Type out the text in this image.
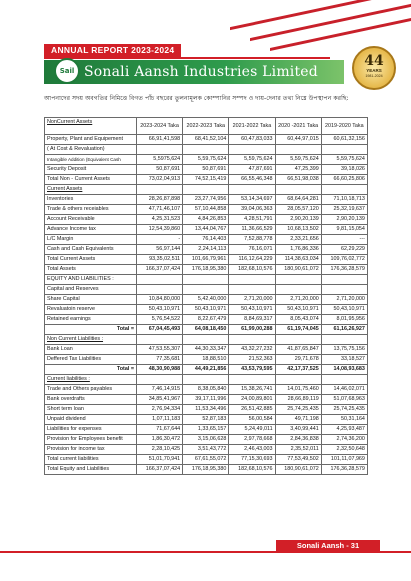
ANNUAL REPORT 2023-2024
Sail Sonali Aansh Industries Limited
44
YEARS
1981-2024

আপনাদের সদয় অবগতির নিমিত্তে বিগত পাঁচ বছরের তুলনামূলক কোম্পানির সম্পদ ও দায়-দেনার তথ্য নিম্নে উপস্থাপন করছি:

NonCurrent Assets	2023-2024 Taka	2022-2023 Taka	2021-2022 Taka	2020 -2021 Taka	2019-2020 Taka
Property, Plant and Equipement	66,91,41,598	68,41,52,104	60,47,83,033	60,44,97,015	60,61,32,156
( At Cost & Revaluation)					
Intangible Addition (Equivalent Cash	5,5975,624	5,59,75,624	5,59,75,624	5,59,75,624	5,59,75,624
Security Deposit	50,87,691	50,87,691	47,87,691	47,25,399	39,18,026
Total Non - Current Assets	73,02,04,913	74,52,15,419	66,55,46,348	66,51,98,038	66,60,25,806
Current Assets					
Inventories	28,26,87,898	23,27,74,956	53,14,34,697	68,64,64,281	71,10,18,713
Trade & others receiables	47,71,46,107	57,10,44,858	39,04,06,363	28,05,57,120	25,32,19,637
Account Receivable	4,25,31,523	4,84,26,853	4,28,51,791	2,90,20,139	2,90,20,139
Advance Income tax	12,54,39,860	13,44,04,767	11,36,66,529	10,68,13,502	9,81,15,054
L/C Margin	-	76,14,403	7,52,88,778	2,33,21,656	---
Cash and Cash Equivalents	56,97,144	2,24,14,113	76,16,071	1,76,86,336	62,29,229
Total Current Assets	93,35,02,511	101,66,79,961	116,12,64,229	114,38,63,034	109,76,02,772
Total Assets	166,37,07,424	176,18,95,380	182,68,10,576	180,90,61,072	176,36,28,579
EQUITY AND LIABILITIES :					
Capital and Reserves					
Share Capital	10,84,80,000	5,42,40,000	2,71,20,000	2,71,20,000	2,71,20,000
Revaluatoin reserve	50,43,10,971	50,43,10,971	50,43,10,971	50,43,10,971	50,43,10,971
Retained earnings	5,76,54,522	8,22,67,479	8,84,69,317	8,05,43,074	8,01,95,956
Total =	67,04,45,493	64,08,18,450	61,99,00,288	61,19,74,045	61,16,26,927
Non Current Liabilities :					
Bank Loan	47,53,55,307	44,30,33,347	43,32,27,232	41,87,65,847	13,75,75,156
Deffered Tax Liabilities	77,35,681	18,88,510	21,52,363	29,71,678	33,18,527
Total =	48,30,90,988	44,49,21,856	43,53,79,595	42,17,37,525	14,08,93,683
Current liabilities :					
Trade and Others payables	7,46,14,915	8,38,05,840	15,38,26,741	14,01,75,460	14,46,02,071
Bank overdrafts	34,85,41,967	39,17,11,996	24,00,89,801	28,66,89,119	51,07,68,963
Short term loan	2,76,94,334	11,53,34,496	26,51,42,885	25,74,25,435	25,74,25,435
Unpaid dividend	1,07,11,183	52,87,183	56,00,584	49,71,198	50,31,164
Liabilities for expenses	71,67,644	1,33,65,157	5,24,49,011	3,40,99,441	4,25,93,487
Provision for Employees benefit	1,86,30,472	3,15,06,628	2,97,78,668	2,84,36,838	2,74,36,200
Provision for income tax	2,28,10,425	3,51,43,772	2,46,43,003	2,35,52,011	2,32,50,648
Total current liabilities	51,01,70,941	67,61,55,072	77,15,30,693	77,53,49,502	101,11,07,969
Total Equity and Liabilities	166,37,07,424	176,18,95,380	182,68,10,576	180,90,61,072	176,36,28,579
Sonali Aansh - 31
